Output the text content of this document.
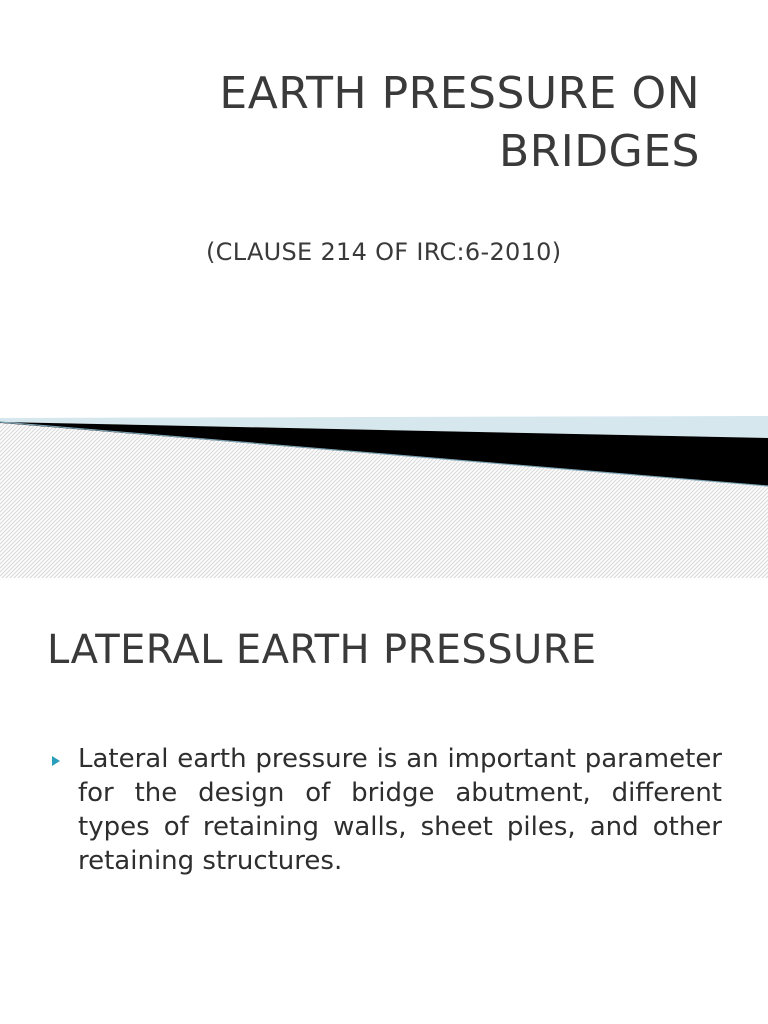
EARTH PRESSURE ON
BRIDGES
(CLAUSE 214 OF IRC:6-2010)
LATERAL EARTH PRESSURE
Lateral earth pressure is an important parameter for the design of bridge abutment, different types of retaining walls, sheet piles, and other retaining structures.
